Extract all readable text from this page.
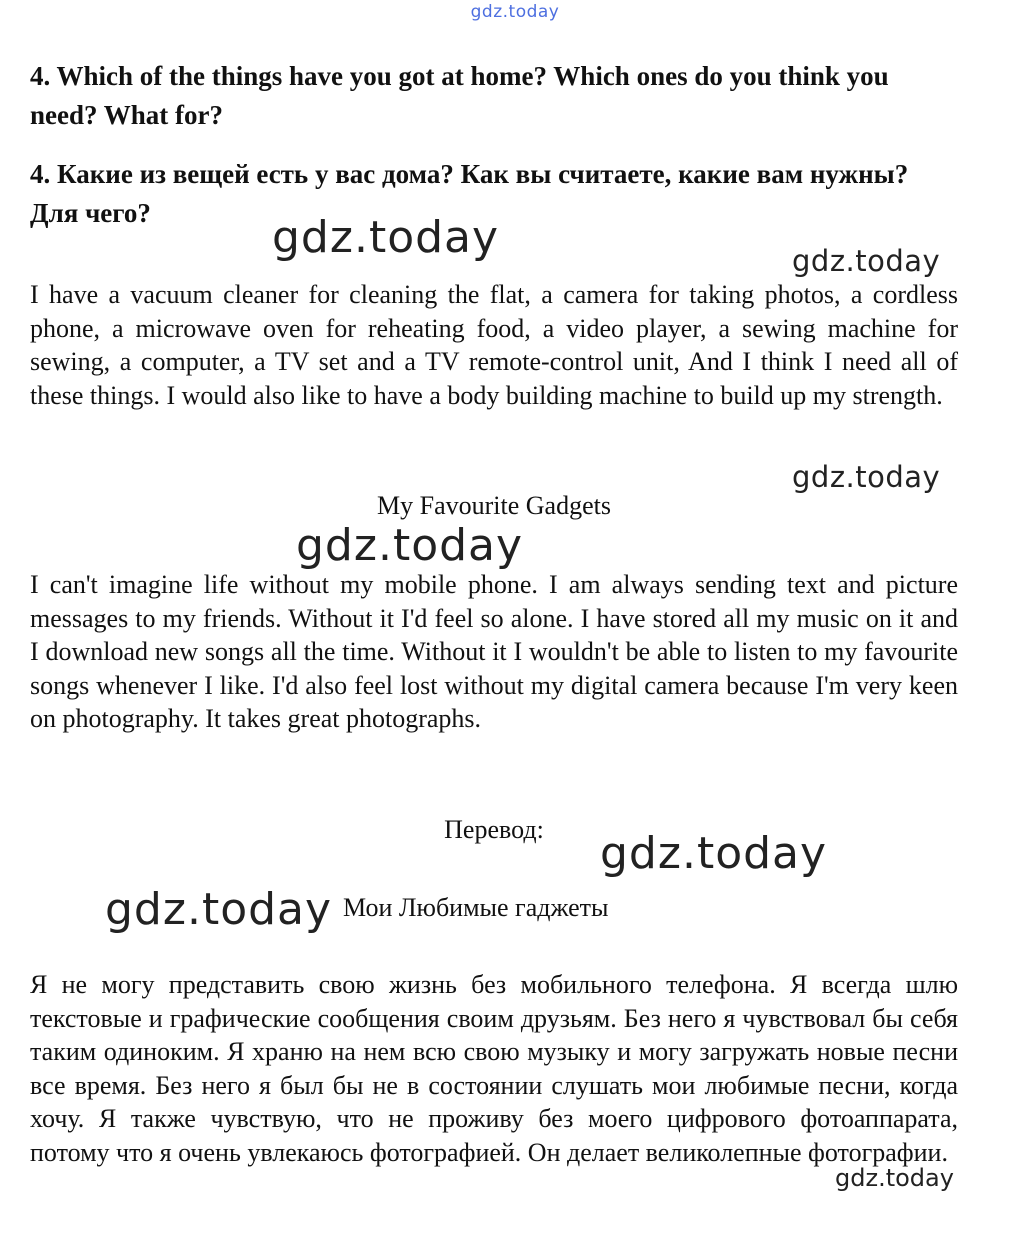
gdz.today

4. Which of the things have you got at home? Which ones do you think you need? What for?

4. Какие из вещей есть у вас дома? Как вы считаете, какие вам нужны? Для чего?	gdz.today	gdz.today

I have a vacuum cleaner for cleaning the flat, a camera for taking photos, a cordless phone, a microwave oven for reheating food, a video player, a sewing machine for sewing, a computer, a TV set and a TV remote-control unit, And I think I need all of these things. I would also like to have a body building machine to build up my strength.

gdz.today

My Favourite Gadgets

gdz.today

I can't imagine life without my mobile phone. I am always sending text and picture messages to my friends. Without it I'd feel so alone. I have stored all my music on it and I download new songs all the time. Without it I wouldn't be able to listen to my favourite songs whenever I like. I'd also feel lost without my digital camera because I'm very keen on photography. It takes great photographs.

Перевод:	gdz.today
gdz.today Мои Любимые гаджеты

Я не могу представить свою жизнь без мобильного телефона. Я всегда шлю текстовые и графические сообщения своим друзьям. Без него я чувствовал бы себя таким одиноким. Я храню на нем всю свою музыку и могу загружать новые песни все время. Без него я был бы не в состоянии слушать мои любимые песни, когда хочу. Я также чувствую, что не проживу без моего цифрового фотоаппарата, потому что я очень увлекаюсь фотографией. Он делает великолепные фотографии.

gdz.today
